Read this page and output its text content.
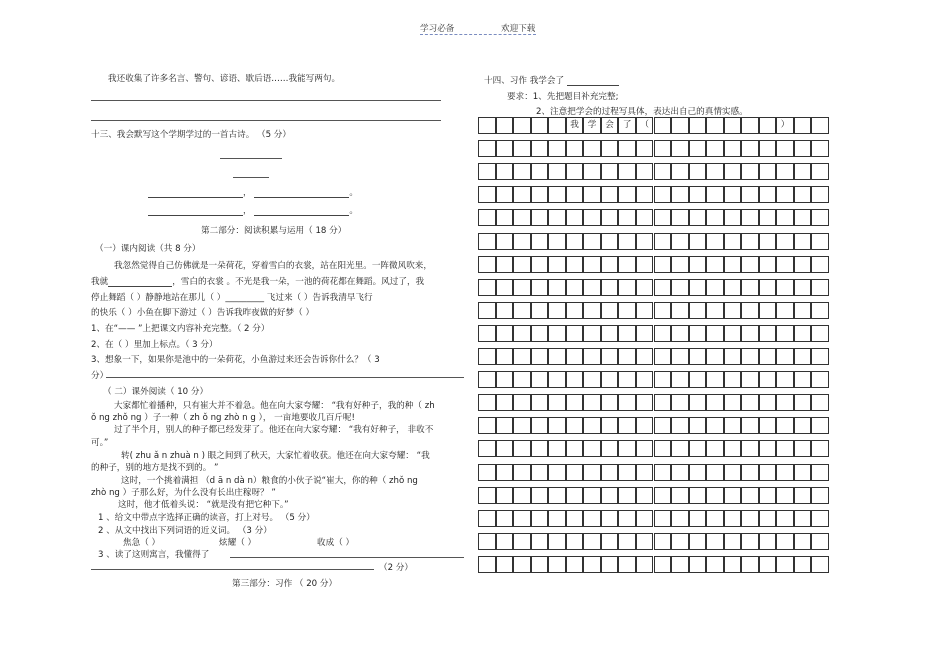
学习必备	欢迎下载
我还收集了许多名言、警句、谚语、歇后语……我能写两句。
十三、我会默写这个学期学过的一首古诗。 （5 分）
，	。
，	。
第二部分：阅读积累与运用（ 18 分）
（一）课内阅读（共 8 分）
我忽然觉得自己仿佛就是一朵荷花，穿着雪白的衣裳，站在阳光里。一阵微风吹来，
我就	，雪白的衣裳 。不光是我一朵，一池的荷花都在舞蹈。风过了，我
停止舞蹈（ ）静静地站在那儿（ ）_________ 飞过来（ ）告诉我清早飞行
的快乐（ ）小鱼在脚下游过（ ）告诉我昨夜做的好梦（ ）
1、在“—— ”上把课文内容补充完整。（ 2 分）
2、在（ ）里加上标点。（ 3 分）
3、想象一下，如果你是池中的一朵荷花，小鱼游过来还会告诉你什么？（ 3
分）
（ 二）课外阅读（ 10 分）
大家都忙着播种，只有崔大并不着急。他在向大家夸耀： “我有好种子，我的种（ zh
ǒ ng zhǒ ng ）子一种（ zh ǒ ng zhò n g ）， 一亩地要收几百斤呢!
过了半个月，别人的种子都已经发芽了。他还在向大家夸耀： “我有好种子， 非收不
可。”
转( zhu ǎ n zhuà n ) 眼之间到了秋天，大家忙着收获。他还在向大家夸耀： “我
的种子，别的地方是找不到的。 ”
这时，一个挑着满担 （d ā n dà n）粮食的小伙子说“崔大，你的种（ zhǒ ng
zhò ng ）子那么好，为什么没有长出庄稼呀？ ”
这时，他才低着头说： “就是没有把它种下。”
1 、给文中带点字选择正确的读音，打上对号。 （5 分）
2 、从文中找出下列词语的近义词。 （3 分）
焦急（ ）	炫耀（ ）	收成（ ）
3 、读了这则寓言，我懂得了
（2 分）
第三部分：习作 （ 20 分）
十四、习作 我学会了
要求：1、先把题目补充完整;
2、注意把学会的过程写具体，表达出自己的真情实感。
我	学	会	了	（	）
